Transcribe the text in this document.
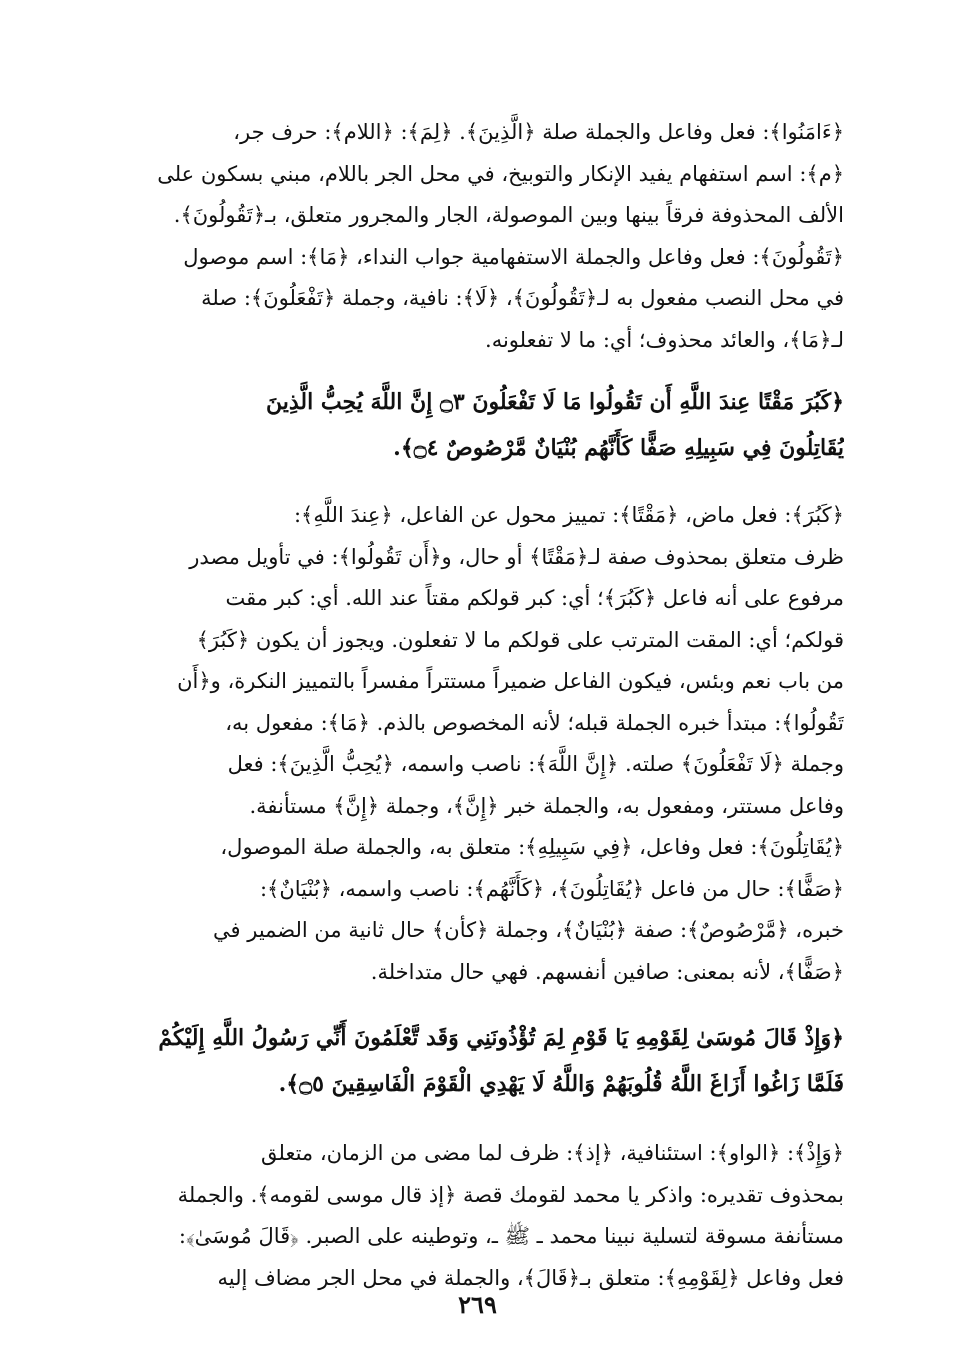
﴿ءَامَنُوا﴾: فعل وفاعل والجملة صلة ﴿الَّذِينَ﴾. ﴿لِمَ﴾: ﴿اللام﴾: حرف جر،
﴿م﴾: اسم استفهام يفيد الإنكار والتوبيخ، في محل الجر باللام، مبني بسكون على
الألف المحذوفة فرقاً بينها وبين الموصولة، الجار والمجرور متعلق، بـ﴿تَقُولُونَ﴾.
﴿تَقُولُونَ﴾: فعل وفاعل والجملة الاستفهامية جواب النداء، ﴿مَا﴾: اسم موصول
في محل النصب مفعول به لـ﴿تَقُولُونَ﴾، ﴿لَا﴾: نافية، وجملة ﴿تَفْعَلُونَ﴾: صلة
لـ﴿مَا﴾، والعائد محذوف؛ أي: ما لا تفعلونه.

﴿كَبُرَ مَقْتًا عِندَ اللَّهِ أَن تَقُولُوا مَا لَا تَفْعَلُونَ ۝٣ إِنَّ اللَّهَ يُحِبُّ الَّذِينَ
يُقَاتِلُونَ فِي سَبِيلِهِ صَفًّا كَأَنَّهُم بُنْيَانٌ مَّرْصُوصٌ ۝٤﴾.

﴿كَبُرَ﴾: فعل ماض، ﴿مَقْتًا﴾: تمييز محول عن الفاعل، ﴿عِندَ اللَّهِ﴾:
ظرف متعلق بمحذوف صفة لـ﴿مَقْتًا﴾ أو حال، و﴿أَن تَقُولُوا﴾: في تأويل مصدر
مرفوع على أنه فاعل ﴿كَبُرَ﴾؛ أي: كبر قولكم مقتاً عند الله. أي: كبر مقت
قولكم؛ أي: المقت المترتب على قولكم ما لا تفعلون. ويجوز أن يكون ﴿كَبُرَ﴾
من باب نعم وبئس، فيكون الفاعل ضميراً مستتراً مفسراً بالتمييز النكرة، و﴿أَن
تَقُولُوا﴾: مبتدأ خبره الجملة قبله؛ لأنه المخصوص بالذم. ﴿مَا﴾: مفعول به،
وجملة ﴿لَا تَفْعَلُونَ﴾ صلته. ﴿إِنَّ اللَّهَ﴾: ناصب واسمه، ﴿يُحِبُّ الَّذِينَ﴾: فعل
وفاعل مستتر، ومفعول به، والجملة خبر ﴿إِنَّ﴾، وجملة ﴿إِنَّ﴾ مستأنفة.
﴿يُقَاتِلُونَ﴾: فعل وفاعل، ﴿فِي سَبِيلِهِ﴾: متعلق به، والجملة صلة الموصول،
﴿صَفًّا﴾: حال من فاعل ﴿يُقَاتِلُونَ﴾، ﴿كَأَنَّهُم﴾: ناصب واسمه، ﴿بُنْيَانٌ﴾:
خبره، ﴿مَّرْصُوصٌ﴾: صفة ﴿بُنْيَانٌ﴾، وجملة ﴿كأن﴾ حال ثانية من الضمير في
﴿صَفًّا﴾، لأنه بمعنى: صافين أنفسهم. فهي حال متداخلة.

﴿وَإِذْ قَالَ مُوسَىٰ لِقَوْمِهِ يَا قَوْمِ لِمَ تُؤْذُونَنِي وَقَد تَّعْلَمُونَ أَنِّي رَسُولُ اللَّهِ إِلَيْكُمْ
فَلَمَّا زَاغُوا أَزَاغَ اللَّهُ قُلُوبَهُمْ وَاللَّهُ لَا يَهْدِي الْقَوْمَ الْفَاسِقِينَ ۝٥﴾.

﴿وَإِذْ﴾: ﴿الواو﴾: استئنافية، ﴿إذ﴾: ظرف لما مضى من الزمان، متعلق
بمحذوف تقديره: واذكر يا محمد لقومك قصة ﴿إذ قال موسى لقومه﴾. والجملة
مستأنفة مسوقة لتسلية نبينا محمد ـ ﷺ ـ، وتوطينه على الصبر. ﴿قَالَ مُوسَىٰ﴾:
فعل وفاعل ﴿لِقَوْمِهِ﴾: متعلق بـ﴿قَالَ﴾، والجملة في محل الجر مضاف إليه

٢٦٩
